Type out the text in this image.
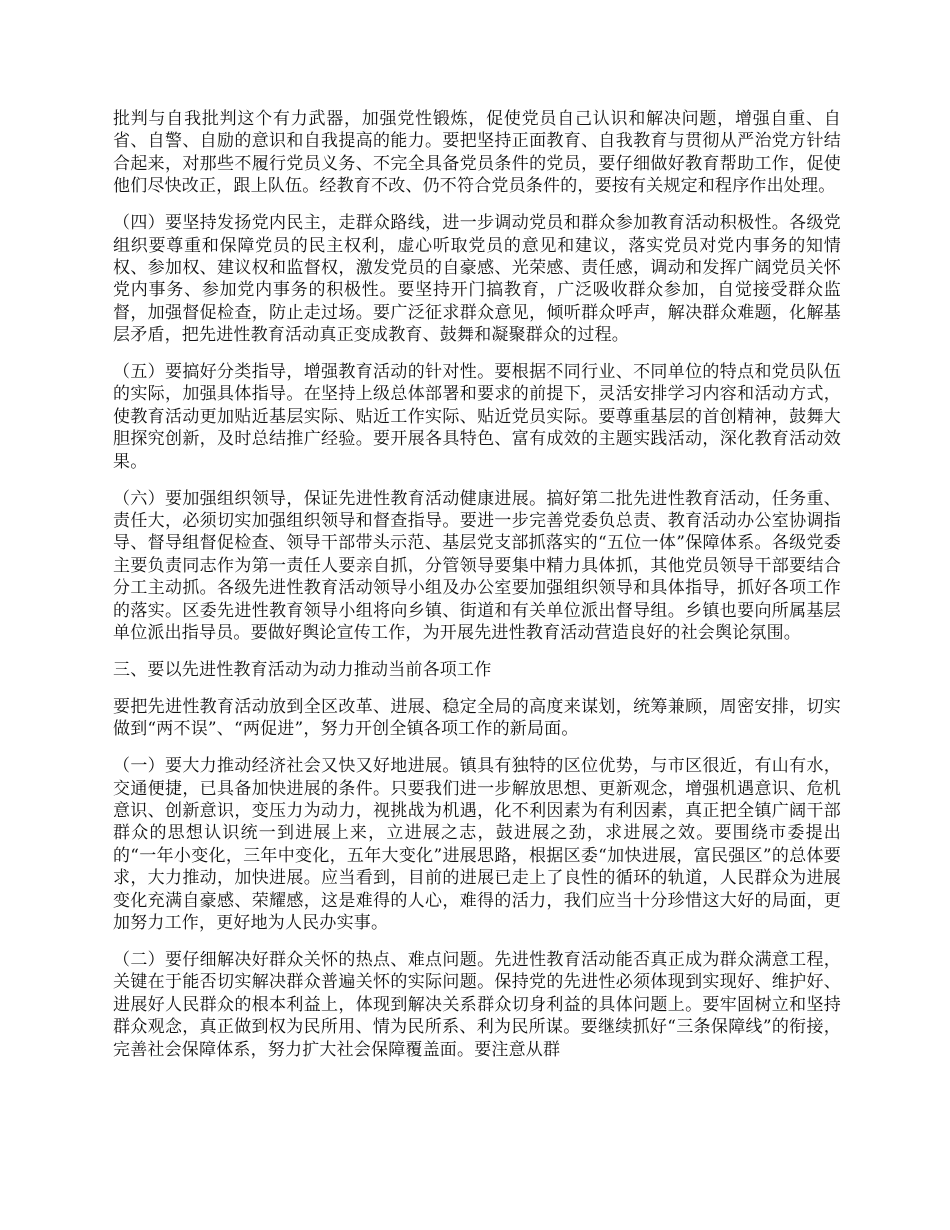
批判与自我批判这个有力武器，加强党性锻炼，促使党员自己认识和解决问题，增强自重、自省、自警、自励的意识和自我提高的能力。要把坚持正面教育、自我教育与贯彻从严治党方针结合起来，对那些不履行党员义务、不完全具备党员条件的党员，要仔细做好教育帮助工作，促使他们尽快改正，跟上队伍。经教育不改、仍不符合党员条件的，要按有关规定和程序作出处理。

（四）要坚持发扬党内民主，走群众路线，进一步调动党员和群众参加教育活动积极性。各级党组织要尊重和保障党员的民主权利，虚心听取党员的意见和建议，落实党员对党内事务的知情权、参加权、建议权和监督权，激发党员的自豪感、光荣感、责任感，调动和发挥广阔党员关怀党内事务、参加党内事务的积极性。要坚持开门搞教育，广泛吸收群众参加，自觉接受群众监督，加强督促检查，防止走过场。要广泛征求群众意见，倾听群众呼声，解决群众难题，化解基层矛盾，把先进性教育活动真正变成教育、鼓舞和凝聚群众的过程。

（五）要搞好分类指导，增强教育活动的针对性。要根据不同行业、不同单位的特点和党员队伍的实际，加强具体指导。在坚持上级总体部署和要求的前提下，灵活安排学习内容和活动方式，使教育活动更加贴近基层实际、贴近工作实际、贴近党员实际。要尊重基层的首创精神，鼓舞大胆探究创新，及时总结推广经验。要开展各具特色、富有成效的主题实践活动，深化教育活动效果。

（六）要加强组织领导，保证先进性教育活动健康进展。搞好第二批先进性教育活动，任务重、责任大，必须切实加强组织领导和督查指导。要进一步完善党委负总责、教育活动办公室协调指导、督导组督促检查、领导干部带头示范、基层党支部抓落实的“五位一体”保障体系。各级党委主要负责同志作为第一责任人要亲自抓，分管领导要集中精力具体抓，其他党员领导干部要结合分工主动抓。各级先进性教育活动领导小组及办公室要加强组织领导和具体指导，抓好各项工作的落实。区委先进性教育领导小组将向乡镇、街道和有关单位派出督导组。乡镇也要向所属基层单位派出指导员。要做好舆论宣传工作，为开展先进性教育活动营造良好的社会舆论氛围。

三、要以先进性教育活动为动力推动当前各项工作

要把先进性教育活动放到全区改革、进展、稳定全局的高度来谋划，统筹兼顾，周密安排，切实做到“两不误”、“两促进”，努力开创全镇各项工作的新局面。

（一）要大力推动经济社会又快又好地进展。镇具有独特的区位优势，与市区很近，有山有水，交通便捷，已具备加快进展的条件。只要我们进一步解放思想、更新观念，增强机遇意识、危机意识、创新意识，变压力为动力，视挑战为机遇，化不利因素为有利因素，真正把全镇广阔干部群众的思想认识统一到进展上来，立进展之志，鼓进展之劲，求进展之效。要围绕市委提出的“一年小变化，三年中变化，五年大变化”进展思路，根据区委“加快进展，富民强区”的总体要求，大力推动，加快进展。应当看到，目前的进展已走上了良性的循环的轨道，人民群众为进展变化充满自豪感、荣耀感，这是难得的人心，难得的活力，我们应当十分珍惜这大好的局面，更加努力工作，更好地为人民办实事。

（二）要仔细解决好群众关怀的热点、难点问题。先进性教育活动能否真正成为群众满意工程，关键在于能否切实解决群众普遍关怀的实际问题。保持党的先进性必须体现到实现好、维护好、进展好人民群众的根本利益上，体现到解决关系群众切身利益的具体问题上。要牢固树立和坚持群众观念，真正做到权为民所用、情为民所系、利为民所谋。要继续抓好“三条保障线”的衔接，完善社会保障体系，努力扩大社会保障覆盖面。要注意从群
